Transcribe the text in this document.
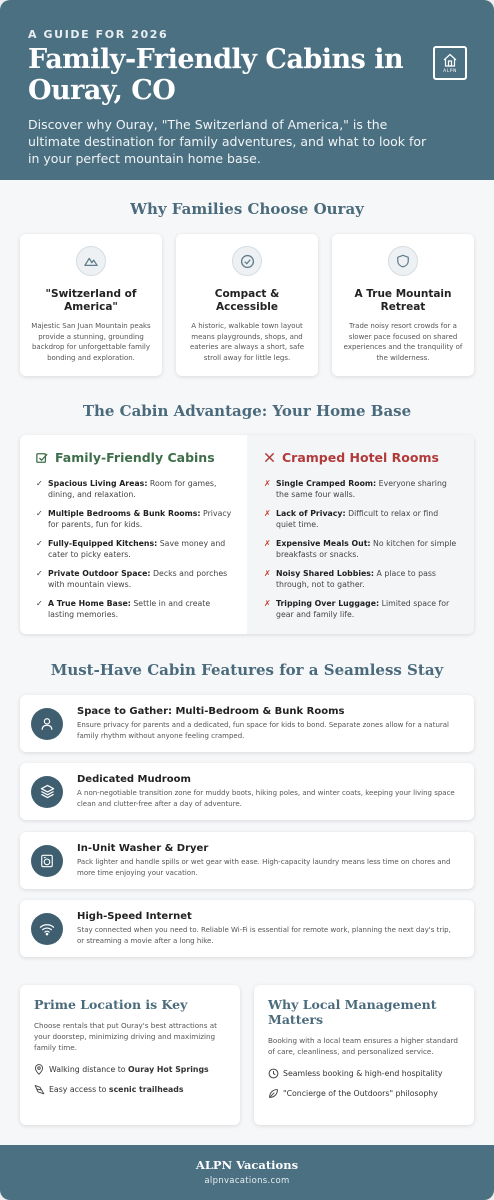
A GUIDE FOR 2026
Family-Friendly Cabins in Ouray, CO
Discover why Ouray, "The Switzerland of America," is the ultimate destination for family adventures, and what to look for in your perfect mountain home base.
ALPN
Why Families Choose Ouray
"Switzerland of America"

Majestic San Juan Mountain peaks provide a stunning, grounding backdrop for unforgettable family bonding and exploration.

Compact & Accessible

A historic, walkable town layout means playgrounds, shops, and eateries are always a short, safe stroll away for little legs.

A True Mountain Retreat

Trade noisy resort crowds for a slower pace focused on shared experiences and the tranquility of the wilderness.

The Cabin Advantage: Your Home Base
Family-Friendly Cabins
✓ Spacious Living Areas: Room for games, dining, and relaxation.
✓ Multiple Bedrooms & Bunk Rooms: Privacy for parents, fun for kids.
✓ Fully-Equipped Kitchens: Save money and cater to picky eaters.
✓ Private Outdoor Space: Decks and porches with mountain views.
✓ A True Home Base: Settle in and create lasting memories.
Cramped Hotel Rooms
✗ Single Cramped Room: Everyone sharing the same four walls.
✗ Lack of Privacy: Difficult to relax or find quiet time.
✗ Expensive Meals Out: No kitchen for simple breakfasts or snacks.
✗ Noisy Shared Lobbies: A place to pass through, not to gather.
✗ Tripping Over Luggage: Limited space for gear and family life.
Must-Have Cabin Features for a Seamless Stay
Space to Gather: Multi-Bedroom & Bunk Rooms

Ensure privacy for parents and a dedicated, fun space for kids to bond. Separate zones allow for a natural family rhythm without anyone feeling cramped.

Dedicated Mudroom

A non-negotiable transition zone for muddy boots, hiking poles, and winter coats, keeping your living space clean and clutter-free after a day of adventure.

In-Unit Washer & Dryer

Pack lighter and handle spills or wet gear with ease. High-capacity laundry means less time on chores and more time enjoying your vacation.

High-Speed Internet

Stay connected when you need to. Reliable Wi-Fi is essential for remote work, planning the next day's trip, or streaming a movie after a long hike.

Prime Location is Key

Choose rentals that put Ouray's best attractions at your doorstep, minimizing driving and maximizing family time.

Walking distance to Ouray Hot Springs
Easy access to scenic trailheads
Why Local Management Matters

Booking with a local team ensures a higher standard of care, cleanliness, and personalized service.

Seamless booking & high-end hospitality
"Concierge of the Outdoors" philosophy
ALPN Vacations
alpnvacations.com
